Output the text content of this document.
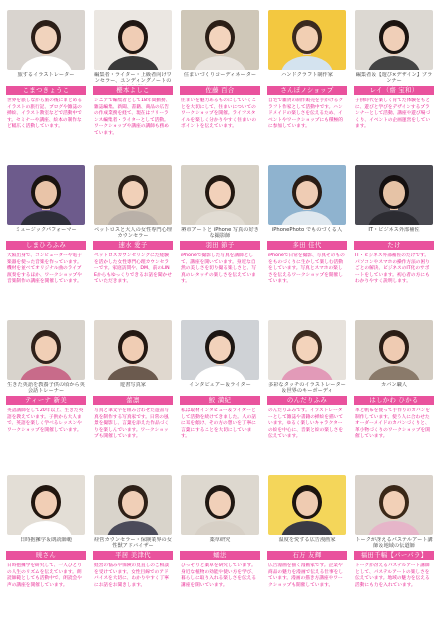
旅するイラストレーター
こまつきょうこ
世界を旅しながら旅の後にまとめるイラストの旅行記、ブログや雑誌の挿絵、イラスト教室などで活動中です。セミナーや講座、絵本の制作など幅広く活動しています。
編集者・ライター・上級者向けワンセラー、ユンディングノートの
櫻本よしこ
シニアで編集者として18年間勤務、雑誌編集、新聞、書籍、商品の広告の作成業務を経て、現在はフリーランス編集者・ライターとして活動。ワークショップや講座の講師も務めています。
住まいづくりコーディネーター
佐藤 百合
住まいを魅力あるものにしていくことを大切にして、住まいについてのワークショップを開催。ライフスタイルを楽しく分かりやすく住まいのポイントを伝えています。
ハンドクラフト制作家
さんぽノショップ
自宅で雑貨の制作販売を手がけるクラフト作家として活動中です。ハンドメイドの楽しさを伝えるため、イベントやワークショップにも積極的に参加しています。
編集者＆【遊び×デザイン】プランナー
レイ（齋 宝和）
子供時代を楽しく育てた体験をもとに、遊びと学びをデザインするプランナーとして活動。講座や遊び場づくり、イベントの企画運営をしています。
ミュージックパフォーマー
しまひろふみ
大阪出身で、コンピューターや電子楽器を使った音楽を作っています。機材を並べてオリジナル曲のライブ演奏をするほか、ワークショップや音楽制作の講座を開催しています。
ペットロスと大人の女性専門心理カウンセラー
速水 愛子
ペットロスカウンセリングにた経験を活かした女性専門心理カウンセラーです。家庭訪問や、DM、前のLINEからもゆっくりできるお話を聞かせていただきます。
堺市アートと iPhone 写真の好きな撮影師
羽田 節子
iPhoneで撮影した写真を講師として、講座を開いています。身近な自然の美しさを切り撮る楽しさと、写真のレタッチの楽しさを伝えています。
iPhonePhoto でものづくる人
多田 佳代
iPhoneで日常を撮影、写真そのものをものづくりに生かして楽しむ活動をしています。写真とスマホの楽しさを伝えるワークショップを開催しています。
IT・ビジネス外部補佐
たけ
IT・ビジネス外部補佐のたけです。パソコンやスマホの操作方法の困りごとの解決、ビジネスのIT化のサポートをしています。初心者の方にもわかりやすく説明します。
生きた英語を教養子供の頃から英会話トレーナー
ティーナ 新美
英語講師をして20年以上、生きた英語を教えています。子供から大人まで、英語を楽しく学べるレッスンやワークショップを開催しています。
遊書写真家
蕾凛
写真と筆文字を組み合わせた遊書写真を制作する写真家です。日常の風景を撮影し、言葉を添えた作品づくりを楽しんでいます。ワークショップも開催しています。
インタビュアー＆ライター
鮫 満紀
私は取材インタビュー＆ライターとして活動を続けてきました。人の話に耳を傾け、その方の想いを丁寧に言葉にすることを大切にしています。
多彩なタッチのイラストレーター＆世界のキーボーディ
のんだりふみ
のんだりふみです。イラストレーターとして雑誌や書籍の挿絵を描いています。ゆるく楽しいキャラクターの絵を中心に、音楽と絵の楽しさを伝えています。
カバン職人
はしかわ ひかる
革と帆布を使って手作りのカバンを制作しています。使う人に合わせたオーダーメイドのカバンづくりと、革小物づくりのワークショップを開催しています。
日時抱擁学＆朗読師範
暁さん
日時抱擁学を研究して、一人ひとりの人生のリズムを伝えています。朗読師範としても活動中で、朗読会や声の講座を開催しています。
経営カウンセラー・保険業界の女性獣アドバイザー
平居 美津代
経営の悩みや保険の見直しのご相談を受けています。女性目線でのアドバイスを大切に、わかりやすく丁寧にお話をお聞きします。
薬草研究
蛹法
ひっそりと薬草を研究しています。身近な植物の効能や使い方を学び、暮らしに取り入れる楽しさを伝える講座を開いています。
温度を愛する広告漫画家
石万 友輝
広告漫画を描く漫画家です。企業や商品の魅力を漫画で伝える仕事をしています。漫画の描き方講座やワークショップも開催しています。
トークが冴えるパステルアート講師＆地域の伝道師
福田千幅【パーパラ】
トークが冴えるパステルアート講師として、パステルアートの楽しさを伝えています。地域の魅力を伝える活動にも力を入れています。
